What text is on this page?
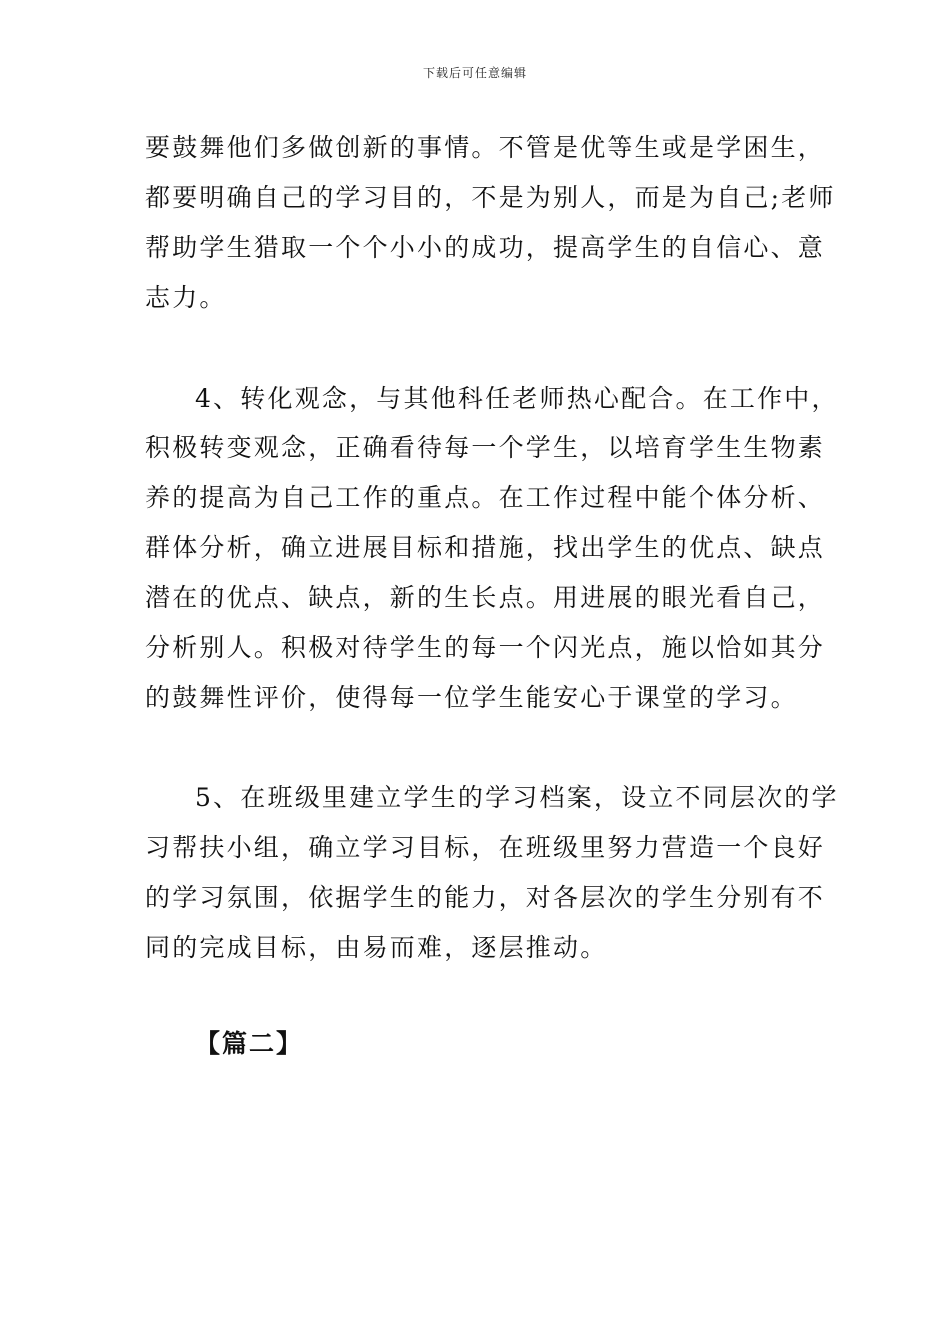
下载后可任意编辑

要鼓舞他们多做创新的事情。不管是优等生或是学困生，

都要明确自己的学习目的，不是为别人，而是为自己;老师

帮助学生猎取一个个小小的成功，提高学生的自信心、意

志力。

4、转化观念，与其他科任老师热心配合。在工作中，

积极转变观念，正确看待每一个学生，以培育学生生物素

养的提高为自己工作的重点。在工作过程中能个体分析、

群体分析，确立进展目标和措施，找出学生的优点、缺点

潜在的优点、缺点，新的生长点。用进展的眼光看自己，

分析别人。积极对待学生的每一个闪光点，施以恰如其分

的鼓舞性评价，使得每一位学生能安心于课堂的学习。

5、在班级里建立学生的学习档案，设立不同层次的学

习帮扶小组，确立学习目标，在班级里努力营造一个良好

的学习氛围，依据学生的能力，对各层次的学生分别有不

同的完成目标，由易而难，逐层推动。

【篇二】
